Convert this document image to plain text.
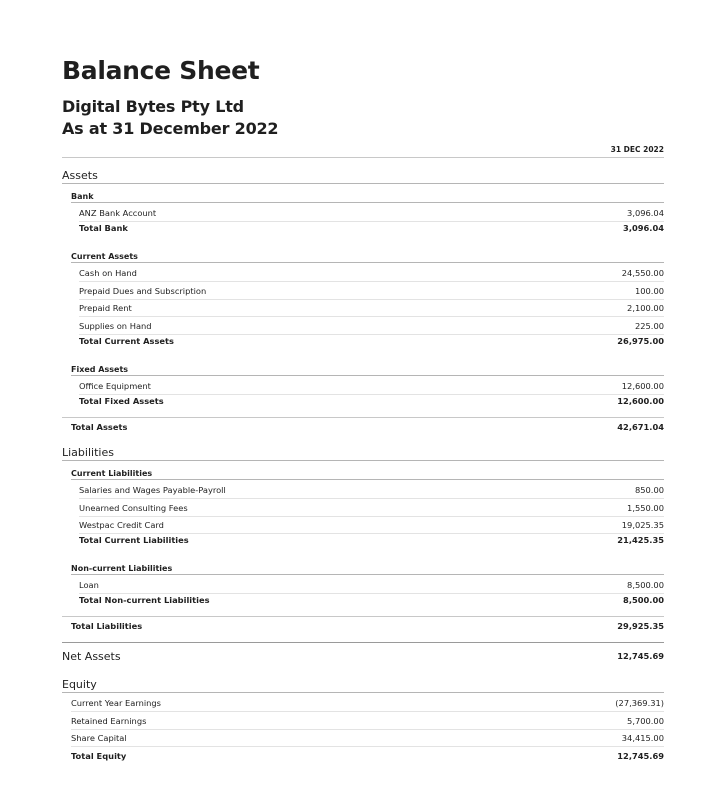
Balance Sheet

Digital Bytes Pty Ltd

As at 31 December 2022

31 DEC 2022
Assets
Bank
ANZ Bank Account	3,096.04
Total Bank	3,096.04
Current Assets
Cash on Hand	24,550.00
Prepaid Dues and Subscription	100.00
Prepaid Rent	2,100.00
Supplies on Hand	225.00
Total Current Assets	26,975.00
Fixed Assets
Office Equipment	12,600.00
Total Fixed Assets	12,600.00
Total Assets	42,671.04
Liabilities
Current Liabilities
Salaries and Wages Payable-Payroll	850.00
Unearned Consulting Fees	1,550.00
Westpac Credit Card	19,025.35
Total Current Liabilities	21,425.35
Non-current Liabilities
Loan	8,500.00
Total Non-current Liabilities	8,500.00
Total Liabilities	29,925.35
Net Assets	12,745.69
Equity
Current Year Earnings	(27,369.31)
Retained Earnings	5,700.00
Share Capital	34,415.00
Total Equity	12,745.69
